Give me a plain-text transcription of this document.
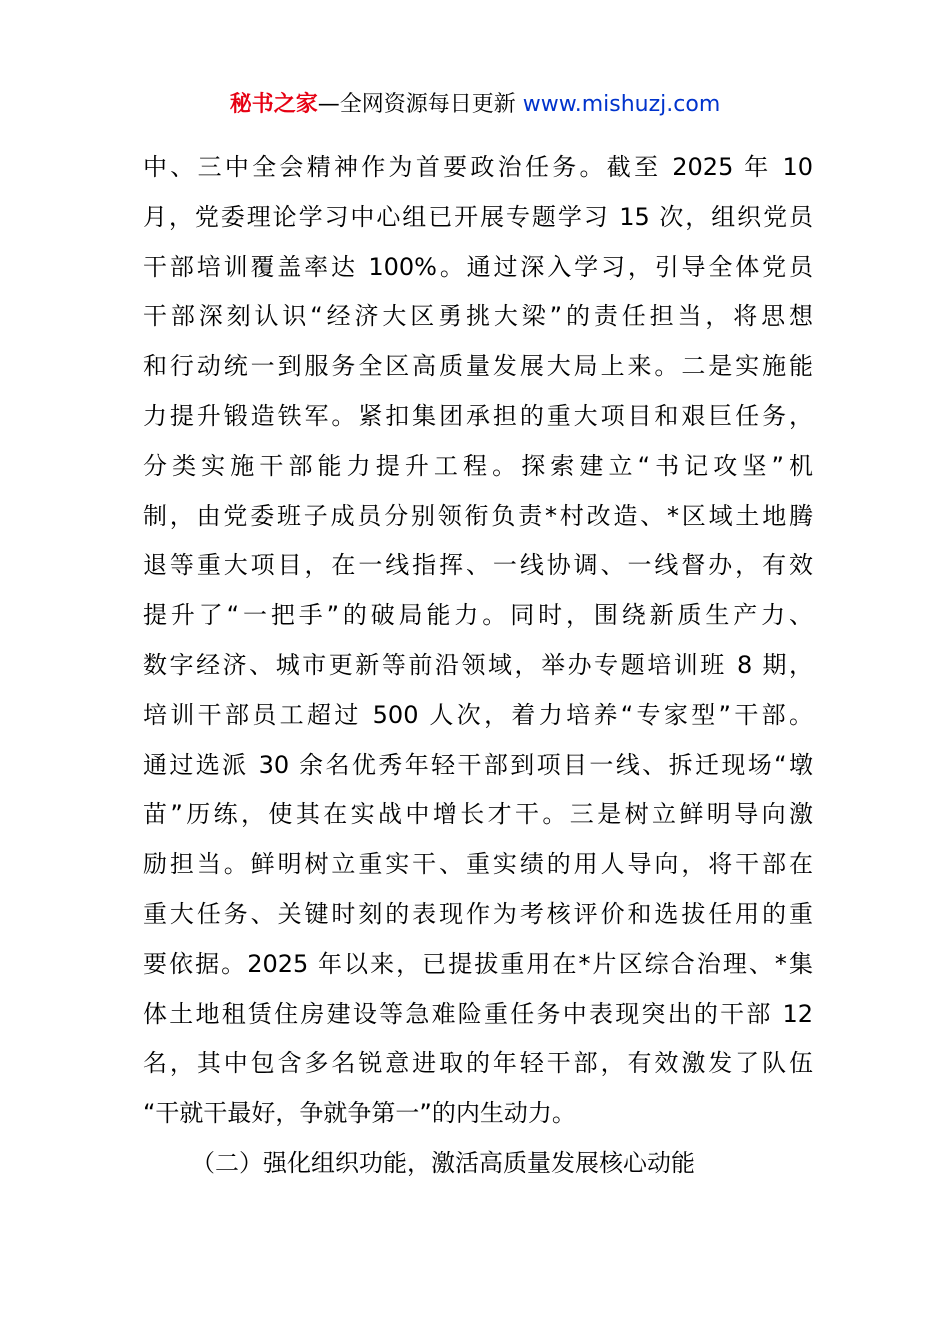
秘书之家—全网资源每日更新 www.mishuzj.com
中、三中全会精神作为首要政治任务。截至 2025 年 10
月，党委理论学习中心组已开展专题学习 15 次，组织党员
干部培训覆盖率达 100%。通过深入学习，引导全体党员
干部深刻认识“经济大区勇挑大梁”的责任担当，将思想
和行动统一到服务全区高质量发展大局上来。二是实施能
力提升锻造铁军。紧扣集团承担的重大项目和艰巨任务，
分类实施干部能力提升工程。探索建立“书记攻坚”机
制，由党委班子成员分别领衔负责*村改造、*区域土地腾
退等重大项目，在一线指挥、一线协调、一线督办，有效
提升了“一把手”的破局能力。同时，围绕新质生产力、
数字经济、城市更新等前沿领域，举办专题培训班 8 期，
培训干部员工超过 500 人次，着力培养“专家型”干部。
通过选派 30 余名优秀年轻干部到项目一线、拆迁现场“墩
苗”历练，使其在实战中增长才干。三是树立鲜明导向激
励担当。鲜明树立重实干、重实绩的用人导向，将干部在
重大任务、关键时刻的表现作为考核评价和选拔任用的重
要依据。2025 年以来，已提拔重用在*片区综合治理、*集
体土地租赁住房建设等急难险重任务中表现突出的干部 12
名，其中包含多名锐意进取的年轻干部，有效激发了队伍
“干就干最好，争就争第一”的内生动力。
（二）强化组织功能，激活高质量发展核心动能
